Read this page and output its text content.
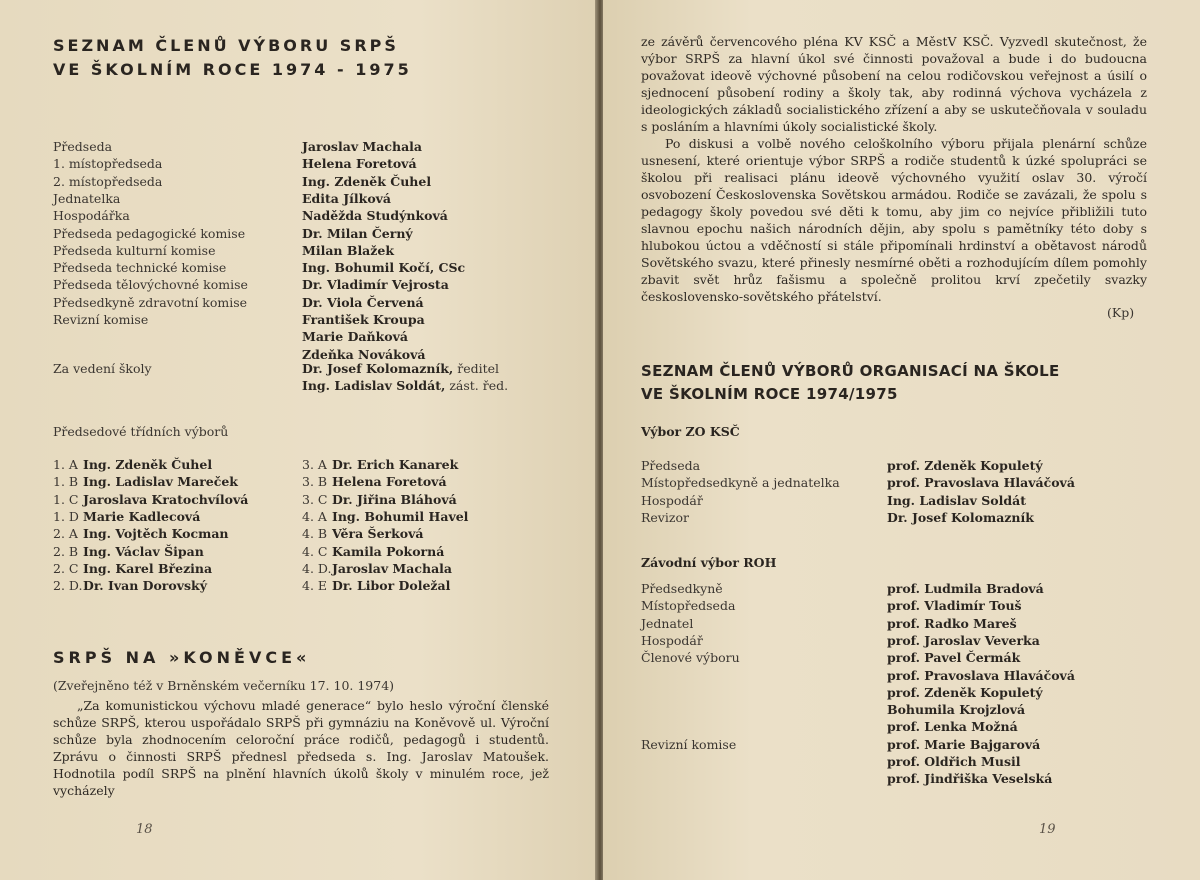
SEZNAM ČLENŮ VÝBORU SRPŠ
VE ŠKOLNÍM ROCE 1974 - 1975
Předseda	Jaroslav Machala
1. místopředseda	Helena Foretová
2. místopředseda	Ing. Zdeněk Čuhel
Jednatelka	Edita Jílková
Hospodářka	Naděžda Studýnková
Předseda pedagogické komise	Dr. Milan Černý
Předseda kulturní komise	Milan Blažek
Předseda technické komise	Ing. Bohumil Kočí, CSc
Předseda tělovýchovné komise	Dr. Vladimír Vejrosta
Předsedkyně zdravotní komise	Dr. Viola Červená
Revizní komise	František Kroupa
Marie Daňková
Zdeňka Nováková
Za vedení školy	Dr. Josef Kolomazník, ředitel
Ing. Ladislav Soldát, zást. řed.
Předsedové třídních výborů
1. A Ing. Zdeněk Čuhel
1. B Ing. Ladislav Mareček
1. C Jaroslava Kratochvílová
1. D Marie Kadlecová
2. A Ing. Vojtěch Kocman
2. B Ing. Václav Šipan
2. C Ing. Karel Březina
2. D.Dr. Ivan Dorovský
3. A Dr. Erich Kanarek
3. B Helena Foretová
3. C Dr. Jiřina Bláhová
4. A Ing. Bohumil Havel
4. B Věra Šerková
4. C Kamila Pokorná
4. D.Jaroslav Machala
4. E Dr. Libor Doležal
SRPŠ NA »KONĚVCE«
(Zveřejněno též v Brněnském večerníku 17. 10. 1974)
„Za komunistickou výchovu mladé generace“ bylo heslo výroční členské schůze SRPŠ, kterou uspořádalo SRPŠ při gymnáziu na Koněvově ul. Výroční schůze byla zhodnocením celoroční práce rodičů, pedagogů i studentů. Zprávu o činnosti SRPŠ přednesl předseda s. Ing. Jaroslav Matoušek. Hodnotila podíl SRPŠ na plnění hlavních úkolů školy v minulém roce, jež vycházely
18
ze závěrů červencového pléna KV KSČ a MěstV KSČ. Vyzvedl skutečnost, že výbor SRPŠ za hlavní úkol své činnosti považoval a bude i do budoucna považovat ideově výchovné působení na celou rodičovskou veřejnost a úsilí o sjednocení působení rodiny a školy tak, aby rodinná výchova vycházela z ideologických základů socialistického zřízení a aby se uskutečňovala v souladu s posláním a hlavními úkoly socialistické školy.
Po diskusi a volbě nového celoškolního výboru přijala plenární schůze usnesení, které orientuje výbor SRPŠ a rodiče studentů k úzké spolupráci se školou při realisaci plánu ideově výchovného využití oslav 30. výročí osvobození Československa Sovětskou armádou. Rodiče se zavázali, že spolu s pedagogy školy povedou své děti k tomu, aby jim co nejvíce přibližili tuto slavnou epochu našich národních dějin, aby spolu s pamětníky této doby s hlubokou úctou a vděčností si stále připomínali hrdinství a obětavost národů Sovětského svazu, které přinesly nesmírné oběti a rozhodujícím dílem pomohly zbavit svět hrůz fašismu a společně prolitou krví zpečetily svazky československo-sovětského přátelství.
(Kp)
SEZNAM ČLENŮ VÝBORŮ ORGANISACÍ NA ŠKOLE
VE ŠKOLNÍM ROCE 1974/1975
Výbor ZO KSČ
Předseda	prof. Zdeněk Kopuletý
Místopředsedkyně a jednatelka	prof. Pravoslava Hlaváčová
Hospodář	Ing. Ladislav Soldát
Revizor	Dr. Josef Kolomazník
Závodní výbor ROH
Předsedkyně	prof. Ludmila Bradová
Místopředseda	prof. Vladimír Touš
Jednatel	prof. Radko Mareš
Hospodář	prof. Jaroslav Veverka
Členové výboru	prof. Pavel Čermák
prof. Pravoslava Hlaváčová
prof. Zdeněk Kopuletý
Bohumila Krojzlová
prof. Lenka Možná
Revizní komise	prof. Marie Bajgarová
prof. Oldřich Musil
prof. Jindřiška Veselská
19
